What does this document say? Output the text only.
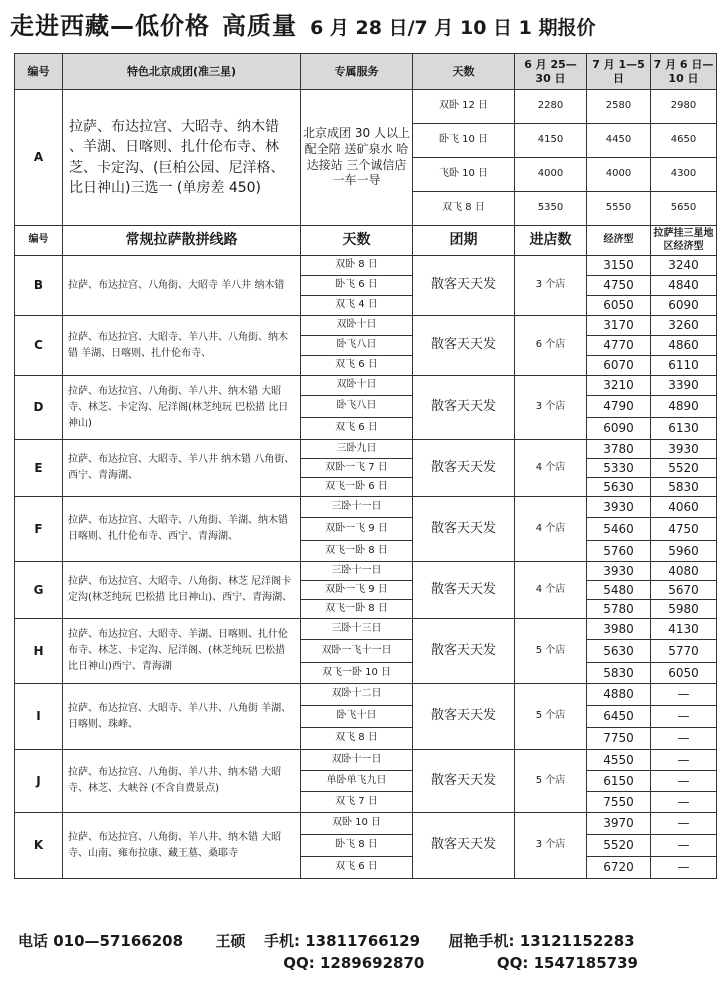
走进西藏—低价格 高质量 6 月 28 日/7 月 10 日 1 期报价
编号	特色北京成团(准三星)	专属服务	天数	6 月 25—30 日	7 月 1—5 日	7 月 6 日—10 日
A	拉萨、布达拉宫、大昭寺、纳木错 、羊湖、日喀则、扎什伦布寺、林芝、卡定沟、(巨柏公园、尼洋格、比日神山)三选一 (单房差 450)	北京成团 30 人以上配全陪 送矿泉水 哈达接站 三个诚信店 一车一导	双卧 12 日	2280	2580	2980
			卧飞 10 日	4150	4450	4650
			飞卧 10 日	4000	4000	4300
			双飞 8 日	5350	5550	5650
编号	常规拉萨散拼线路	天数	团期	进店数	经济型	拉萨挂三星地区经济型
B	拉萨、布达拉宫、八角街、大昭寺 羊八井 纳木错	双卧 8 日	散客天天发	3 个店	3150	3240
		卧飞 6 日			4750	4840
		双飞 4 日			6050	6090
C	拉萨、布达拉宫、大昭寺、羊八井、八角街、纳木错 羊湖、日喀则、扎什伦布寺、	双卧十日	散客天天发	6 个店	3170	3260
		卧飞八日			4770	4860
		双飞 6 日			6070	6110
D	拉萨、布达拉宫、八角街、羊八井、纳木错 大昭寺、林芝、卡定沟、尼洋阁(林芝纯玩 巴松措 比日神山)	双卧十日	散客天天发	3 个店	3210	3390
		卧飞八日			4790	4890
		双飞 6 日			6090	6130
E	拉萨、布达拉宫、大昭寺、羊八井 纳木错 八角街、西宁、青海湖、	三卧九日	散客天天发	4 个店	3780	3930
		双卧一飞 7 日			5330	5520
		双飞一卧 6 日			5630	5830
F	拉萨、布达拉宫、大昭寺、八角街、羊湖、纳木错 日喀则、扎什伦布寺、西宁、青海湖、	三卧十一日	散客天天发	4 个店	3930	4060
		双卧一飞 9 日			5460	4750
		双飞一卧 8 日			5760	5960
G	拉萨、布达拉宫、大昭寺、八角街、林芝 尼洋阁卡定沟(林芝纯玩 巴松措 比日神山)、西宁、青海湖、	三卧十一日	散客天天发	4 个店	3930	4080
		双卧一飞 9 日			5480	5670
		双飞一卧 8 日			5780	5980
H	拉萨、布达拉宫、大昭寺、羊湖、日喀则、扎什伦布寺、林芝、卡定沟、尼洋阁、(林芝纯玩 巴松措 比日神山)西宁、青海湖	三卧十三日	散客天天发	5 个店	3980	4130
		双卧一飞十一日			5630	5770
		双飞一卧 10 日			5830	6050
I	拉萨、布达拉宫、大昭寺、羊八井、八角街 羊湖、日喀则、珠峰、	双卧十二日	散客天天发	5 个店	4880	—
		卧飞十日			6450	—
		双飞 8 日			7750	—
J	拉萨、布达拉宫、八角街、羊八井、纳木错 大昭寺、林芝、大峡谷 (不含自费景点)	双卧十一日	散客天天发	5 个店	4550	—
		单卧单飞九日			6150	—
		双飞 7 日			7550	—
K	拉萨、布达拉宫、八角街、羊八井、纳木错 大昭寺、山南、雍布拉康、藏王墓、桑耶寺	双卧 10 日	散客天天发	3 个店	3970	—
		卧飞 8 日			5520	—
		双飞 6 日			6720	—
电话 010—57166208 王硕 手机: 13811766129 屈艳手机: 13121152283
QQ: 1289692870	QQ: 1547185739
